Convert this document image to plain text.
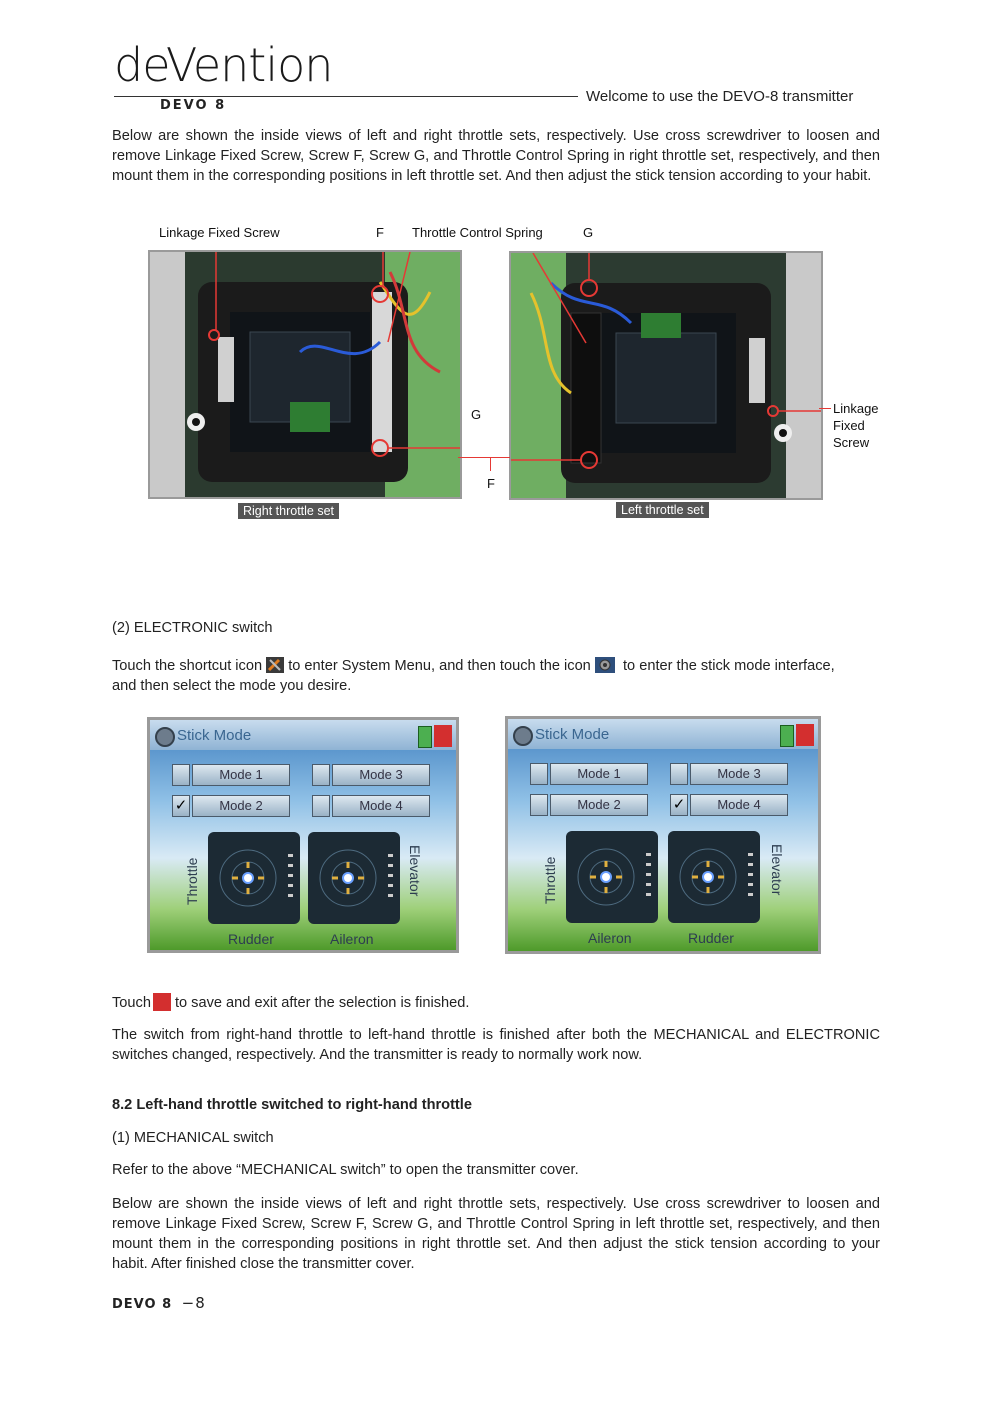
deVention
DEVO 8
Welcome to use the DEVO-8 transmitter
Below are shown the inside views of left and right throttle sets, respectively. Use cross screwdriver to loosen and remove Linkage Fixed Screw, Screw F, Screw G, and Throttle Control Spring in right throttle set, respectively, and then mount them in the corresponding positions in left throttle set. And then adjust the stick tension according to your habit.
Linkage Fixed Screw	F Throttle Control Spring	G
G
F
Linkage
Fixed
Screw
Right throttle set	Left throttle set
(2) ELECTRONIC switch
Touch the shortcut icon to enter System Menu, and then touch the icon to enter the stick mode interface,
and then select the mode you desire.
Stick Mode
Mode 1	Mode 3
✓	Mode 2	Mode 4
Throttle	Elevator
Rudder	Aileron
Stick Mode
Mode 1	Mode 3
Mode 2	✓	Mode 4
Throttle	Elevator
Aileron	Rudder
Touch to save and exit after the selection is finished.
The switch from right-hand throttle to left-hand throttle is finished after both the MECHANICAL and ELECTRONIC switches changed, respectively. And the transmitter is ready to normally work now.
8.2 Left-hand throttle switched to right-hand throttle
(1) MECHANICAL switch
Refer to the above “MECHANICAL switch” to open the transmitter cover.
Below are shown the inside views of left and right throttle sets, respectively. Use cross screwdriver to loosen and remove Linkage Fixed Screw, Screw F, Screw G, and Throttle Control Spring in left throttle set, respectively, and then mount them in the corresponding positions in right throttle set. And then adjust the stick tension according to your habit. After finished close the transmitter cover.
DEVO 8 −8
